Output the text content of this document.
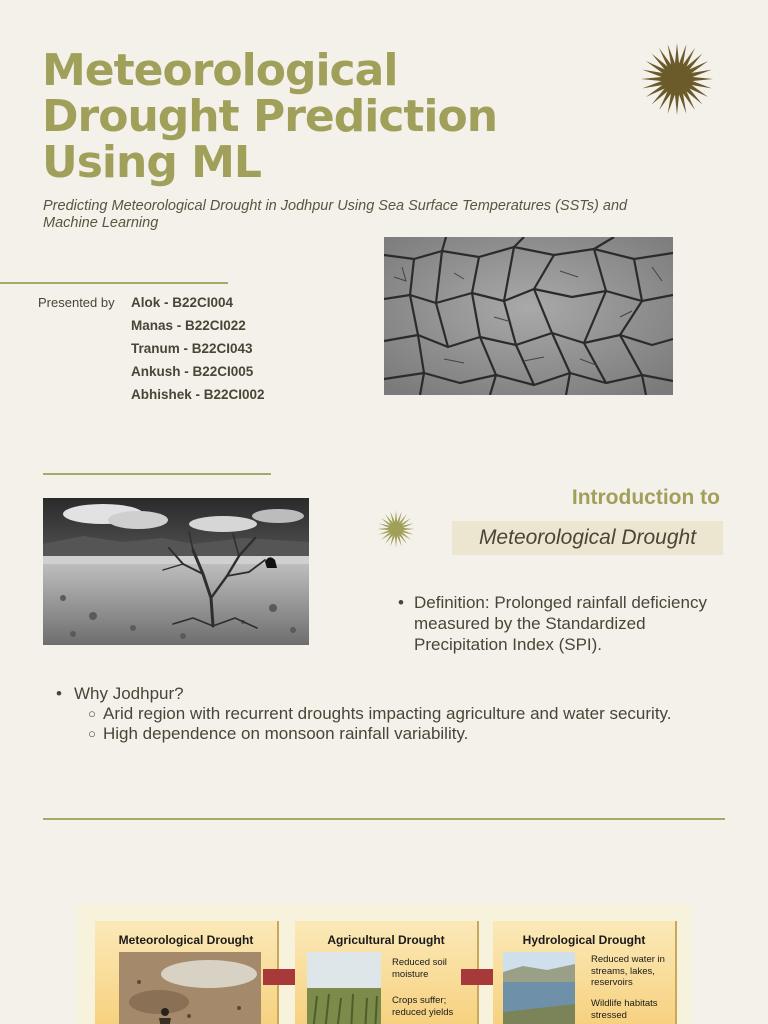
Meteorological
Drought Prediction
Using ML

Predicting Meteorological Drought in Jodhpur Using Sea Surface Temperatures (SSTs) and Machine Learning

Presented by Alok - B22CI004
Manas - B22CI022
Tranum - B22CI043
Ankush - B22CI005
Abhishek - B22CI002
Introduction to
Meteorological Drought
• Definition: Prolonged rainfall deficiency measured by the Standardized Precipitation Index (SPI).
• Why Jodhpur?
○ Arid region with recurrent droughts impacting agriculture and water security.
○ High dependence on monsoon rainfall variability.
Meteorological Drought	Agricultural Drought
Reduced soil moisture
Crops suffer; reduced yields
Hydrological Drought
Reduced water in streams, lakes, reservoirs
Wildlife habitats stressed
